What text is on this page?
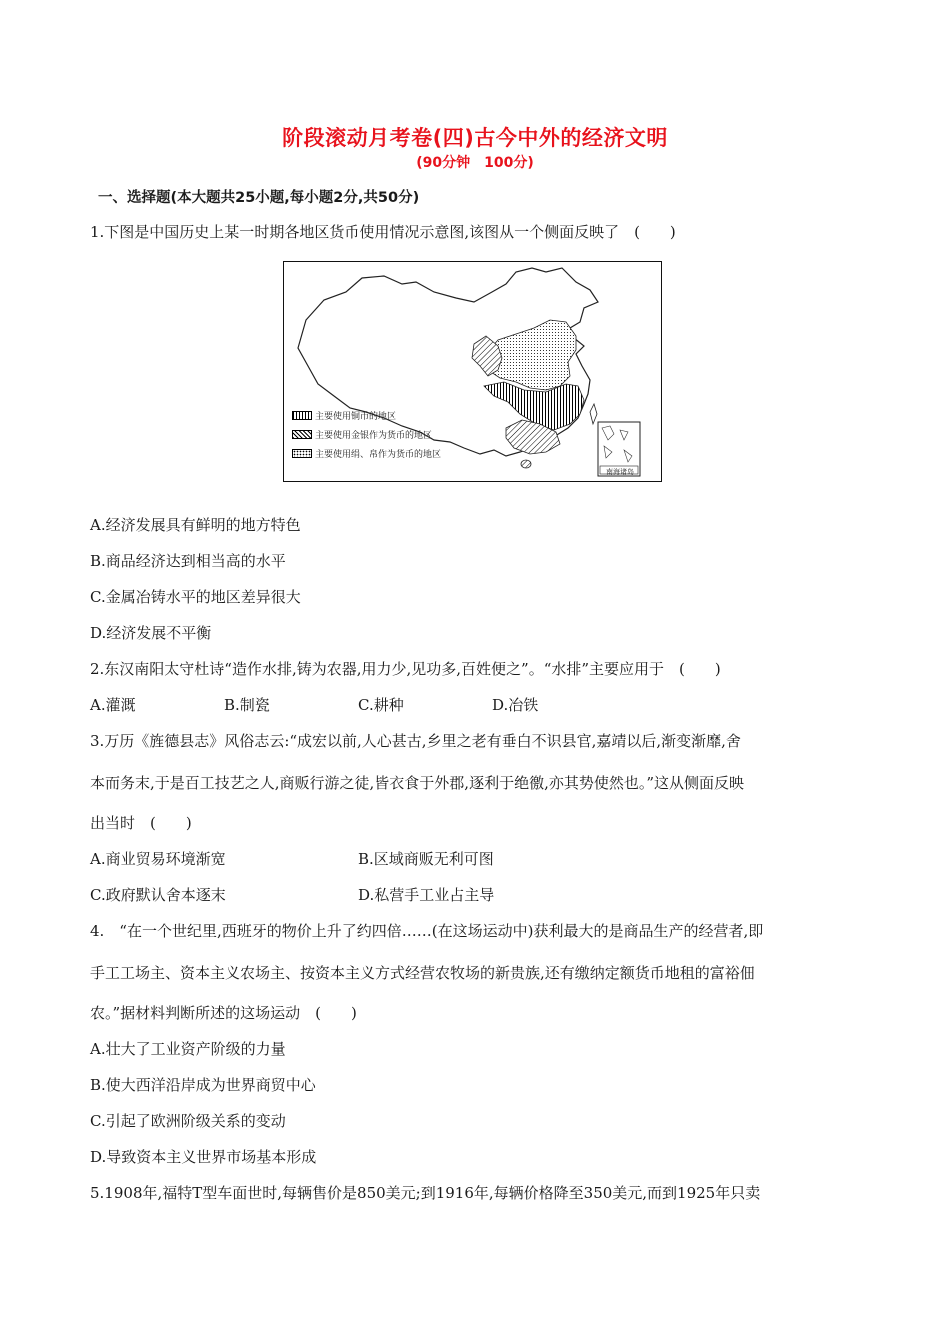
阶段滚动月考卷(四)古今中外的经济文明
(90分钟　100分)
一、选择题(本大题共25小题,每小题2分,共50分)
1.下图是中国历史上某一时期各地区货币使用情况示意图,该图从一个侧面反映了　(　　)
主要使用铜币的地区
主要使用金银作为货币的地区
主要使用绢、帛作为货币的地区
南海诸岛
A.经济发展具有鲜明的地方特色
B.商品经济达到相当高的水平
C.金属冶铸水平的地区差异很大
D.经济发展不平衡
2.东汉南阳太守杜诗“造作水排,铸为农器,用力少,见功多,百姓便之”。“水排”主要应用于　(　　)
A.灌溉	B.制瓷	C.耕种	D.冶铁
3.万历《旌德县志》风俗志云:“成宏以前,人心甚古,乡里之老有垂白不识县官,嘉靖以后,渐变渐靡,舍
本而务末,于是百工技艺之人,商贩行游之徒,皆衣食于外郡,逐利于绝徼,亦其势使然也。”这从侧面反映
出当时　(　　)
A.商业贸易环境渐宽	B.区域商贩无利可图
C.政府默认舍本逐末	D.私营手工业占主导
4.　“在一个世纪里,西班牙的物价上升了约四倍……(在这场运动中)获利最大的是商品生产的经营者,即
手工工场主、资本主义农场主、按资本主义方式经营农牧场的新贵族,还有缴纳定额货币地租的富裕佃
农。”据材料判断所述的这场运动　(　　)
A.壮大了工业资产阶级的力量
B.使大西洋沿岸成为世界商贸中心
C.引起了欧洲阶级关系的变动
D.导致资本主义世界市场基本形成
5.1908年,福特T型车面世时,每辆售价是850美元;到1916年,每辆价格降至350美元,而到1925年只卖
